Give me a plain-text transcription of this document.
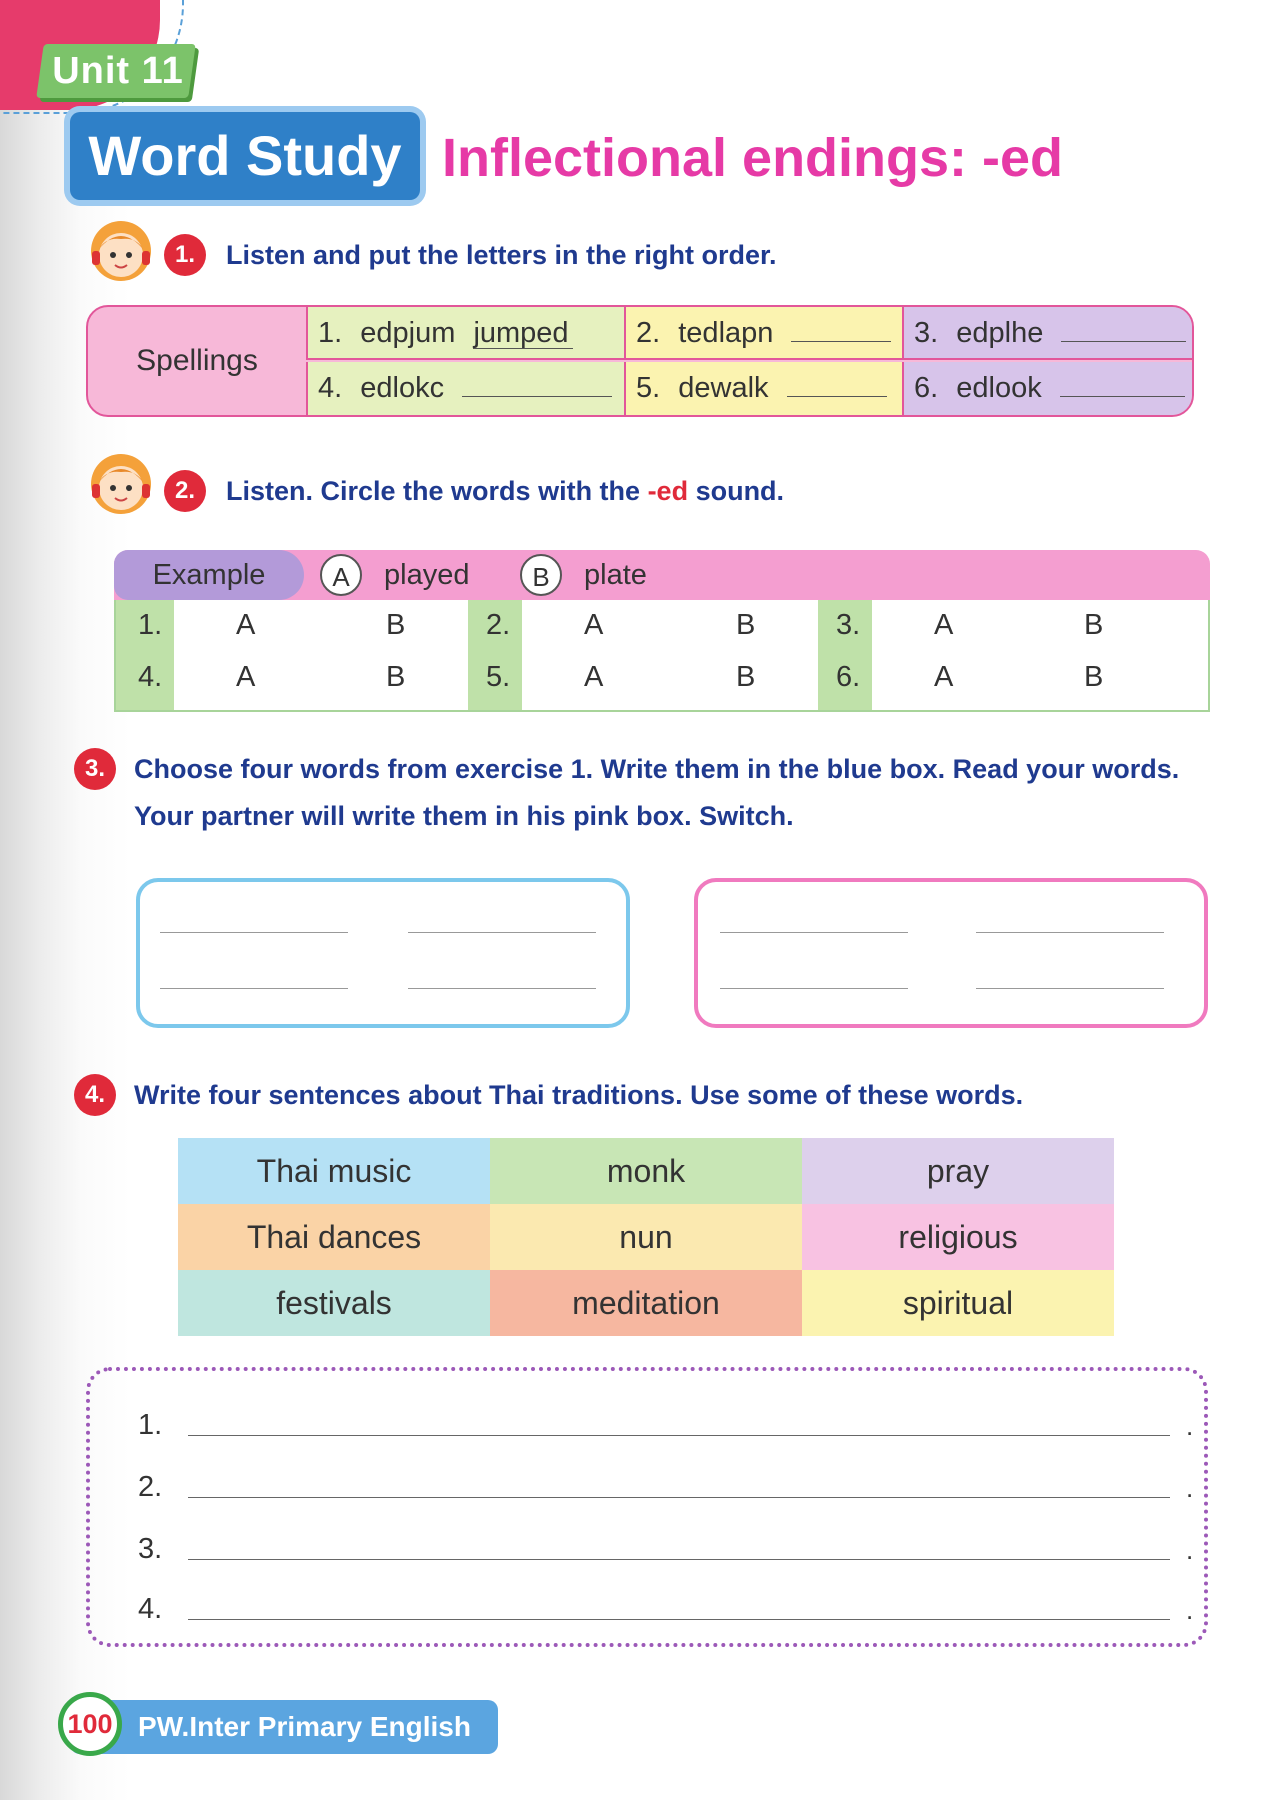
Unit 11
Word Study Inflectional endings: -ed
1.	Listen and put the letters in the right order.
Spellings
1. edpjum jumped	2. tedlapn	3. edplhe
4. edlokc	5. dewalk	6. edlook
2.	Listen. Circle the words with the -ed sound.
Example	A	played	B	plate
1.	A	B	2.	A	B	3.	A	B
4.	A	B	5.	A	B	6.	A	B
3.	Choose four words from exercise 1. Write them in the blue box. Read your words.
Your partner will write them in his pink box. Switch.
4.	Write four sentences about Thai traditions. Use some of these words.
Thai music	monk	pray
Thai dances	nun	religious
festivals	meditation	spiritual
1.	.
2.	.
3.	.
4.	.
PW.Inter Primary English
100
